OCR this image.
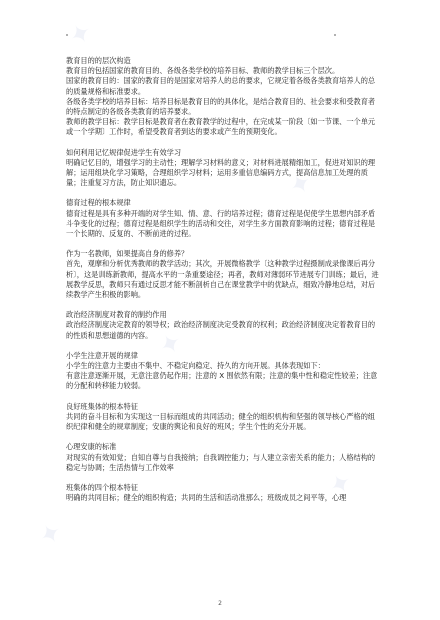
✦
✦
✦
✦
✦

教育目的的层次构造

教育目的包括国家的教育目的、各级各类学校的培养目标、教师的教学目标三个层次。

国家的教育目的：国家的教育目的是国家对培养人的总的要求，它规定着各级各类教育培养人的总的质量规格和标准要求。

各级各类学校的培养目标：培养目标是教育目的的具体化，是结合教育目的、社会要求和受教育者的特点制定的各级各类教育的培养要求。

教师的教学目标：教学目标是教育者在教育教学的过程中，在完成某一阶段〔如一节课、一个单元或一个学期〕工作时，希望受教育者到达的要求或产生的预期变化。

如何利用记忆规律促进学生有效学习

明确记忆目的，增强学习的主动性；理解学习材料的意义；对材料进展精细加工，促进对知识的理解；运用组块化学习策略，合理组织学习材料；运用多重信息编码方式，提高信息加工处理的质量；注重复习方法，防止知识遗忘。

德育过程的根本规律

德育过程是具有多种开端的对学生知、情、意、行的培养过程；德育过程是促使学生思想内部矛盾斗争变化的过程；德育过程是组织学生的活动和交往，对学生多方面教育影响的过程；德育过程是一个长期的、反复的、不断前进的过程。

作为一名教师，如果提高自身的修养？

首先，观摩和分析优秀教师的教学活动；其次，开展微格教学〔这种教学过程摄制成录像课后再分析〕，这是训练新教师，提高水平的一条重要途径；再者，教师对薄弱环节进展专门训练；最后，进展教学反思，教师只有通过反思才能不断剖析自己在课堂教学中的优缺点，细致冷静地总结，对后续教学产生积极的影响。

政治经济制度对教育的制约作用

政治经济制度决定教育的领导权；政治经济制度决定受教育的权利；政治经济制度决定着教育目的的性质和思想道德的内容。

小学生注意开展的规律

小学生的注意力主要由不集中、不稳定向稳定、持久的方向开展。具体表现如下：

有意注意逐渐开展，无意注意仍起作用；注意的 X 围依然有限；注意的集中性和稳定性较差；注意的分配和转移能力较弱。

良好班集体的根本特征

共同的奋斗目标和为实现这一目标而组成的共同活动；健全的组织机构和坚强的领导核心严格的组织纪律和健全的规章制度；安康的舆论和良好的班风；学生个性的充分开展。

心理安康的标准

对现实的有效知觉；自知自尊与自我接纳；自我调控能力；与人建立亲密关系的能力；人格结构的稳定与协调；生活热情与工作效率

班集体的四个根本特征

明确的共同目标；健全的组织构造；共同的生活和活动准那么；班级成员之间平等，心理

2
